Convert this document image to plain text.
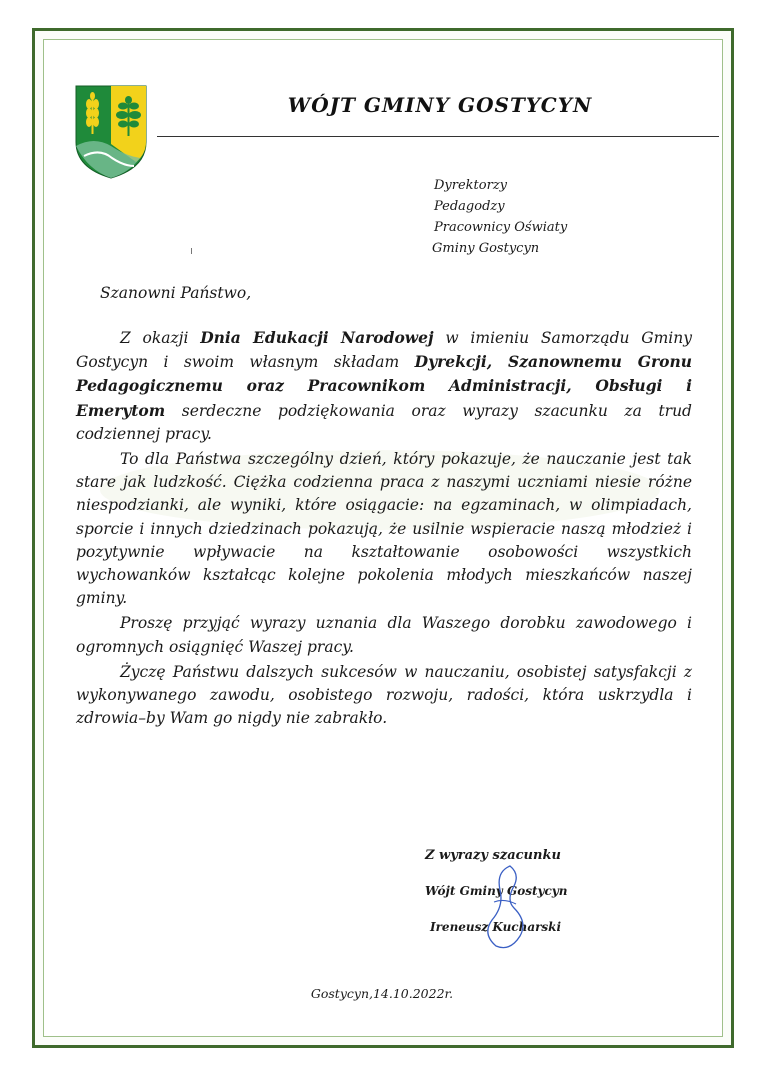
WÓJT GMINY GOSTYCYN
Dyrektorzy
Pedagodzy
Pracownicy Oświaty
Gminy Gostycyn
Szanowni Państwo,

Z okazji Dnia Edukacji Narodowej w imieniu Samorządu Gminy Gostycyn i swoim własnym składam Dyrekcji, Szanownemu Gronu Pedagogicznemu oraz Pracownikom Administracji, Obsługi i Emerytom serdeczne podziękowania oraz wyrazy szacunku za trud codziennej pracy.

To dla Państwa szczególny dzień, który pokazuje, że nauczanie jest tak stare jak ludzkość. Ciężka codzienna praca z naszymi uczniami niesie różne niespodzianki, ale wyniki, które osiągacie: na egzaminach, w olimpiadach, sporcie i innych dziedzinach pokazują, że usilnie wspieracie naszą młodzież i pozytywnie wpływacie na kształtowanie osobowości wszystkich wychowanków kształcąc kolejne pokolenia młodych mieszkańców naszej gminy.

Proszę przyjąć wyrazy uznania dla Waszego dorobku zawodowego i ogromnych osiągnięć Waszej pracy.

Życzę Państwu dalszych sukcesów w nauczaniu, osobistej satysfakcji z wykonywanego zawodu, osobistego rozwoju, radości, która uskrzydla i zdrowia–by Wam go nigdy nie zabrakło.

Z wyrazy szacunku
Wójt Gminy Gostycyn
Ireneusz Kucharski
Gostycyn,14.10.2022r.
